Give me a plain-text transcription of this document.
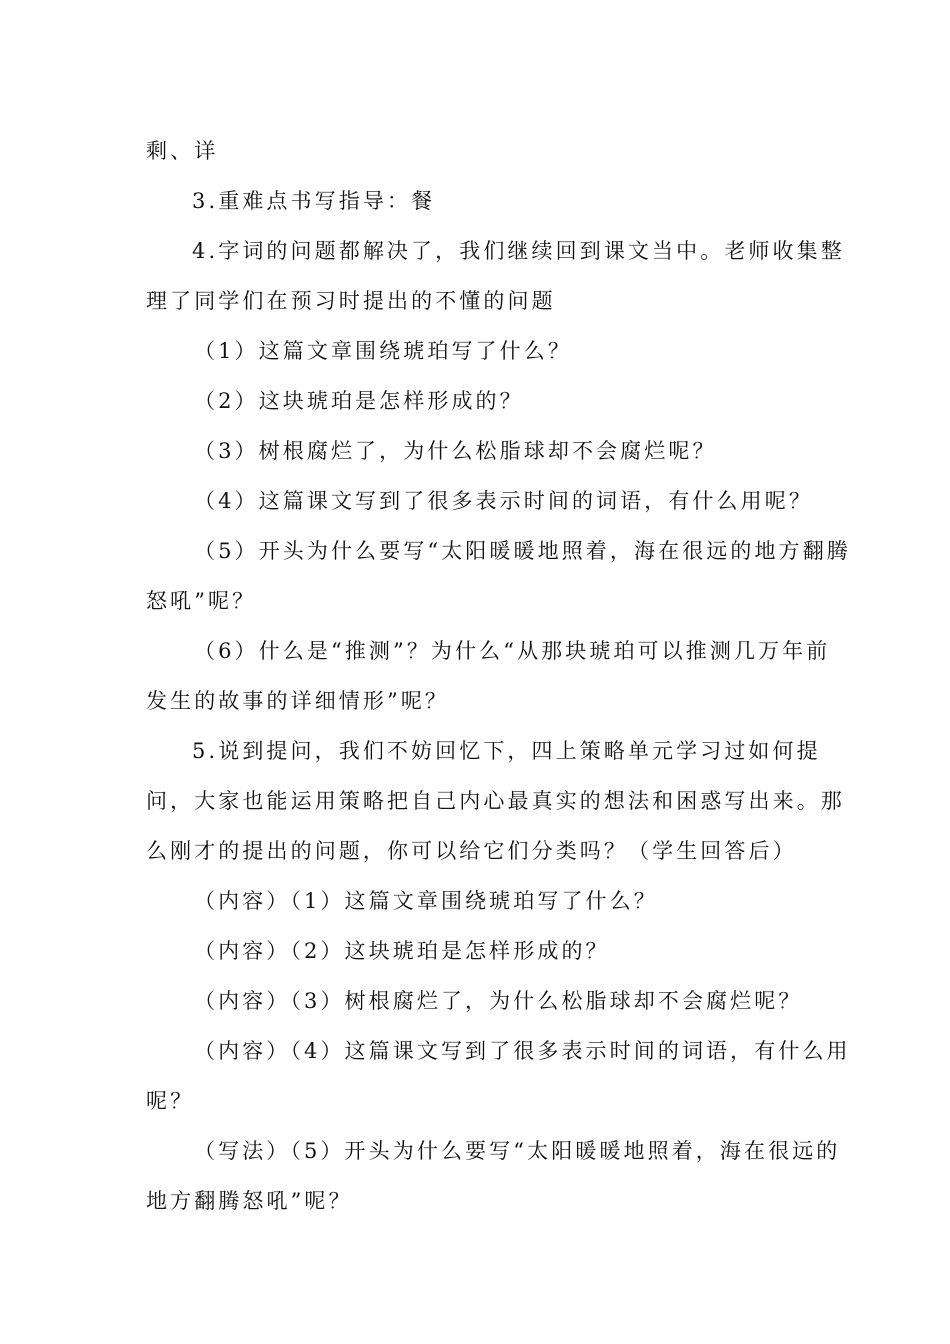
剩、详
3.重难点书写指导：餐
4.字词的问题都解决了，我们继续回到课文当中。老师收集整
理了同学们在预习时提出的不懂的问题
（1）这篇文章围绕琥珀写了什么？
（2）这块琥珀是怎样形成的？
（3）树根腐烂了，为什么松脂球却不会腐烂呢？
（4）这篇课文写到了很多表示时间的词语，有什么用呢？
（5）开头为什么要写“太阳暖暖地照着，海在很远的地方翻腾
怒吼”呢？
（6）什么是“推测”？为什么“从那块琥珀可以推测几万年前
发生的故事的详细情形”呢？
5.说到提问，我们不妨回忆下，四上策略单元学习过如何提
问，大家也能运用策略把自己内心最真实的想法和困惑写出来。那
么刚才的提出的问题，你可以给它们分类吗？（学生回答后）
（内容）（1）这篇文章围绕琥珀写了什么？
（内容）（2）这块琥珀是怎样形成的？
（内容）（3）树根腐烂了，为什么松脂球却不会腐烂呢？
（内容）（4）这篇课文写到了很多表示时间的词语，有什么用
呢？
（写法）（5）开头为什么要写“太阳暖暖地照着，海在很远的
地方翻腾怒吼”呢？
